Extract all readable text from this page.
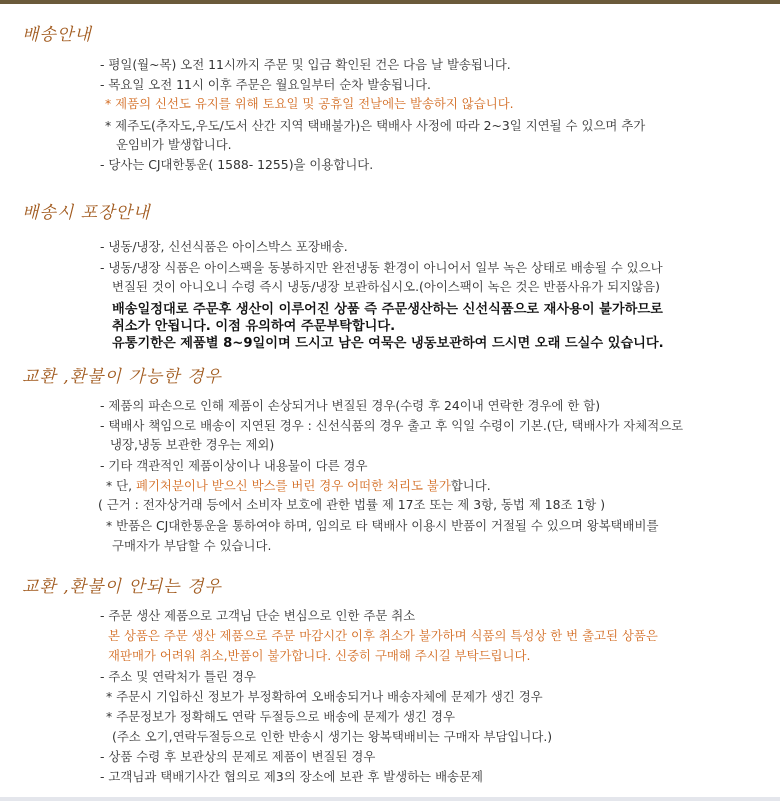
배송안내
- 평일(월~목) 오전 11시까지 주문 및 입금 확인된 건은 다음 날 발송됩니다.
- 목요일 오전 11시 이후 주문은 월요일부터 순차 발송됩니다.
* 제품의 신선도 유지를 위해 토요일 및 공휴일 전날에는 발송하지 않습니다.
* 제주도(추자도,우도/도서 산간 지역 택배불가)은 택배사 사정에 따라 2~3일 지연될 수 있으며 추가
운임비가 발생합니다.
- 당사는 CJ대한통운( 1588- 1255)을 이용합니다.
배송시 포장안내
- 냉동/냉장, 신선식품은 아이스박스 포장배송.
- 냉동/냉장 식품은 아이스팩을 동봉하지만 완전냉동 환경이 아니어서 일부 녹은 상태로 배송될 수 있으나
변질된 것이 아니오니 수령 즉시 냉동/냉장 보관하십시오.(아이스팩이 녹은 것은 반품사유가 되지않음)
배송일정대로 주문후 생산이 이루어진 상품 즉 주문생산하는 신선식품으로 재사용이 불가하므로
취소가 안됩니다. 이점 유의하여 주문부탁합니다.
유통기한은 제품별 8~9일이며 드시고 남은 여묵은 냉동보관하여 드시면 오래 드실수 있습니다.
교환 ,환불이 가능한 경우
- 제품의 파손으로 인해 제품이 손상되거나 변질된 경우(수령 후 24이내 연락한 경우에 한 함)
- 택배사 책임으로 배송이 지연된 경우 : 신선식품의 경우 출고 후 익일 수령이 기본.(단, 택배사가 자체적으로
냉장,냉동 보관한 경우는 제외)
- 기타 객관적인 제품이상이나 내용물이 다른 경우
* 단, 폐기처분이나 받으신 박스를 버린 경우 어떠한 처리도 불가합니다.
( 근거 : 전자상거래 등에서 소비자 보호에 관한 법률 제 17조 또는 제 3항, 동법 제 18조 1항 )
* 반품은 CJ대한통운을 통하여야 하며, 임의로 타 택배사 이용시 반품이 거절될 수 있으며 왕복택배비를
구매자가 부담할 수 있습니다.
교환 ,환불이 안되는 경우
- 주문 생산 제품으로 고객님 단순 변심으로 인한 주문 취소
본 상품은 주문 생산 제품으로 주문 마감시간 이후 취소가 불가하며 식품의 특성상 한 번 출고된 상품은
재판매가 어려워 취소,반품이 불가합니다. 신중히 구매해 주시길 부탁드립니다.
- 주소 및 연락처가 틀린 경우
* 주문시 기입하신 정보가 부정확하여 오배송되거나 배송자체에 문제가 생긴 경우
* 주문정보가 정확해도 연락 두절등으로 배송에 문제가 생긴 경우
(주소 오기,연락두절등으로 인한 반송시 생기는 왕복택배비는 구매자 부담입니다.)
- 상품 수령 후 보관상의 문제로 제품이 변질된 경우
- 고객님과 택배기사간 협의로 제3의 장소에 보관 후 발생하는 배송문제
